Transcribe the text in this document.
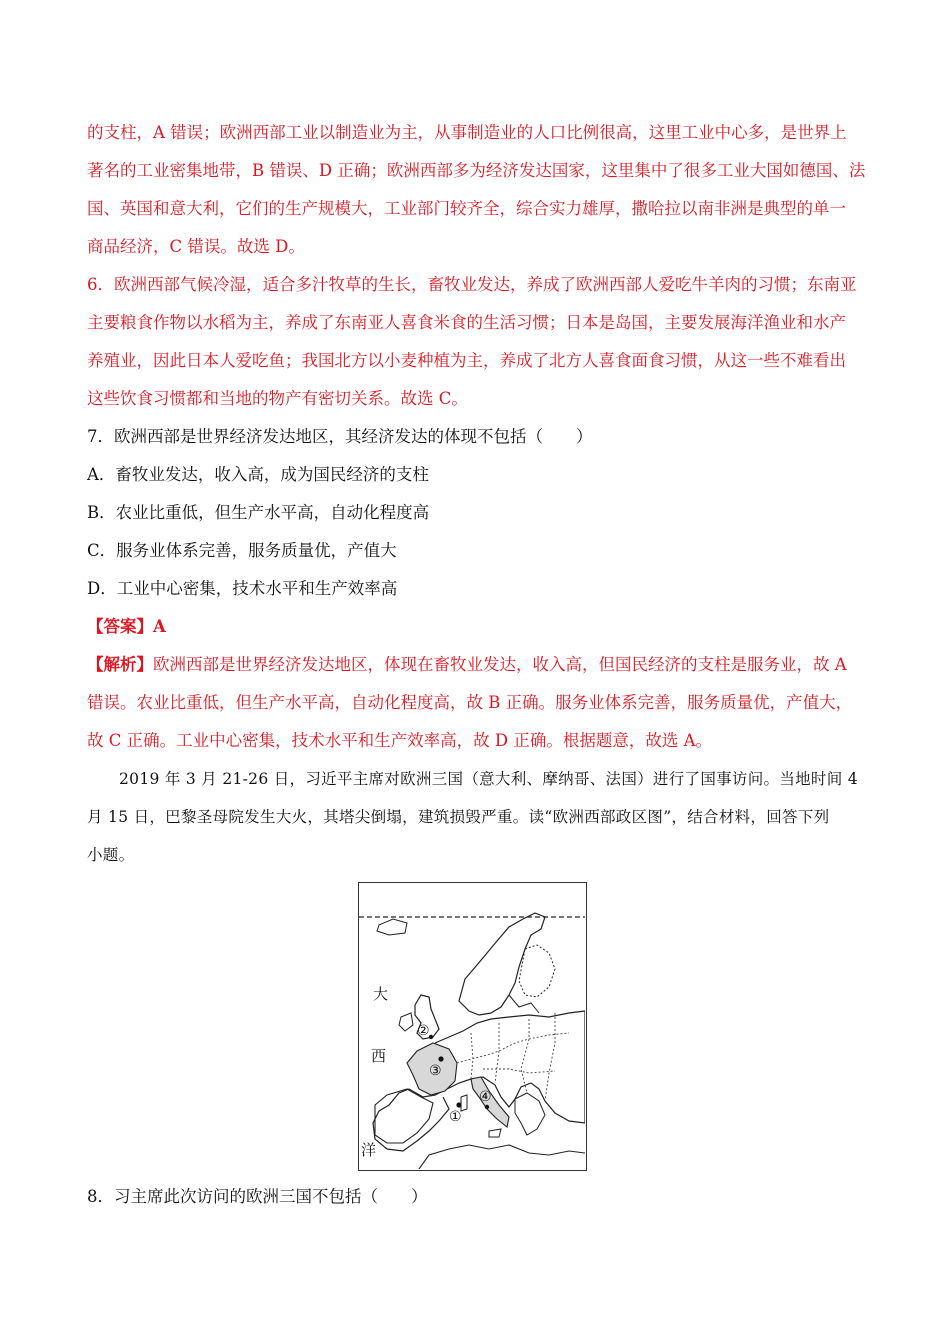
的支柱，A 错误；欧洲西部工业以制造业为主，从事制造业的人口比例很高，这里工业中心多，是世界上
著名的工业密集地带，B 错误、D 正确；欧洲西部多为经济发达国家，这里集中了很多工业大国如德国、法
国、英国和意大利，它们的生产规模大，工业部门较齐全，综合实力雄厚，撒哈拉以南非洲是典型的单一
商品经济，C 错误。故选 D。
6．欧洲西部气候冷湿，适合多汁牧草的生长，畜牧业发达，养成了欧洲西部人爱吃牛羊肉的习惯；东南亚
主要粮食作物以水稻为主，养成了东南亚人喜食米食的生活习惯；日本是岛国，主要发展海洋渔业和水产
养殖业，因此日本人爱吃鱼；我国北方以小麦种植为主，养成了北方人喜食面食习惯，从这一些不难看出
这些饮食习惯都和当地的物产有密切关系。故选 C。
7．欧洲西部是世界经济发达地区，其经济发达的体现不包括（　　）
A．畜牧业发达，收入高，成为国民经济的支柱
B．农业比重低，但生产水平高，自动化程度高
C．服务业体系完善，服务质量优，产值大
D．工业中心密集，技术水平和生产效率高
【答案】A
【解析】欧洲西部是世界经济发达地区，体现在畜牧业发达，收入高，但国民经济的支柱是服务业，故 A
错误。农业比重低，但生产水平高，自动化程度高，故 B 正确。服务业体系完善，服务质量优，产值大，
故 C 正确。工业中心密集，技术水平和生产效率高，故 D 正确。根据题意，故选 A。
2019 年 3 月 21-26 日，习近平主席对欧洲三国（意大利、摩纳哥、法国）进行了国事访问。当地时间 4
月 15 日，巴黎圣母院发生大火，其塔尖倒塌，建筑损毁严重。读“欧洲西部政区图”，结合材料，回答下列
小题。
大
西
洋
①
②
③
④
8．习主席此次访问的欧洲三国不包括（　　）
